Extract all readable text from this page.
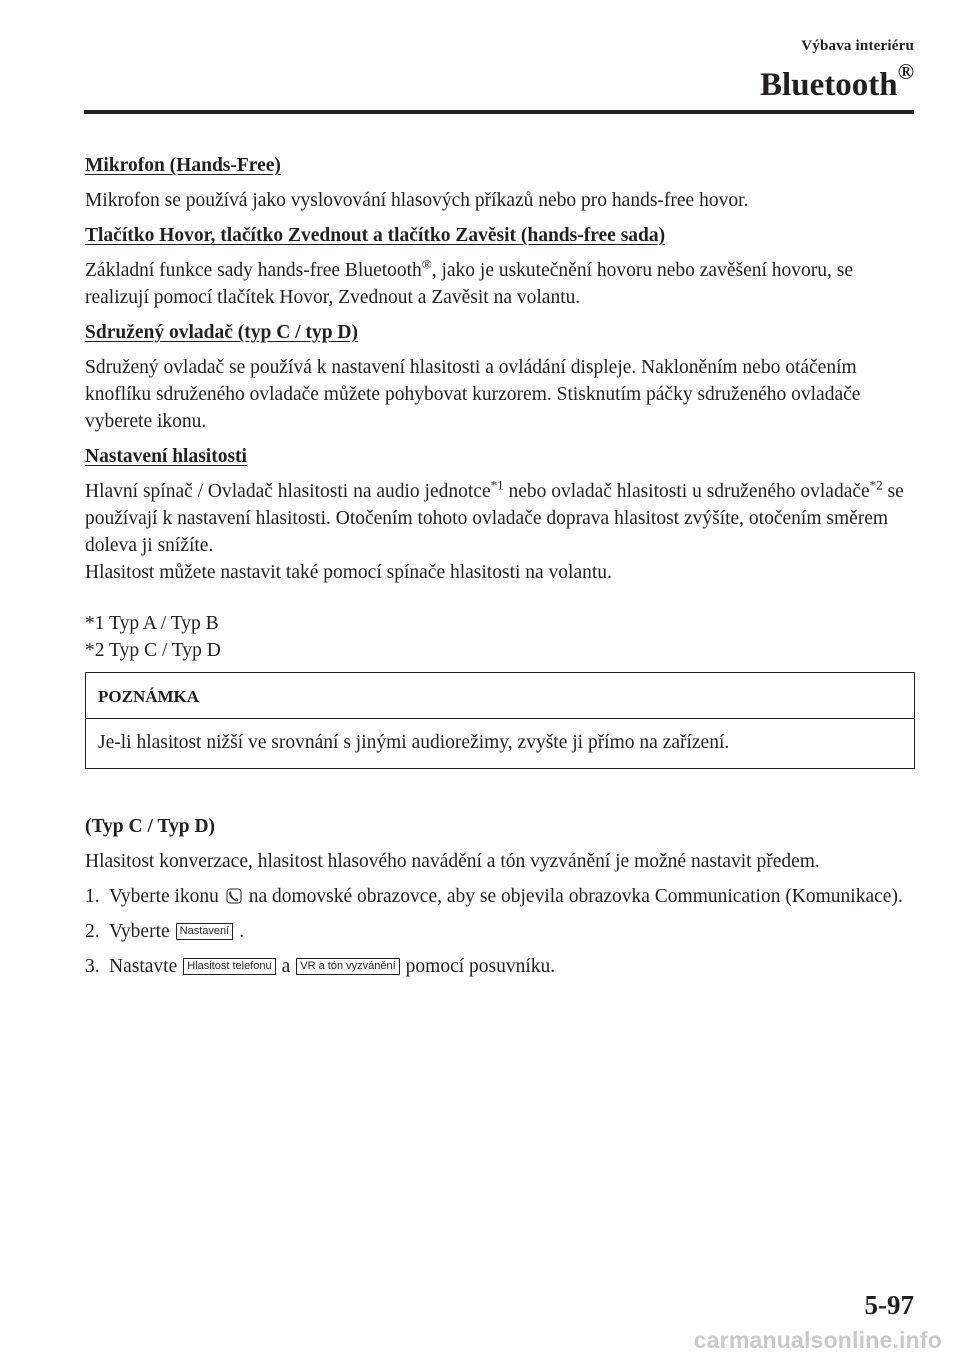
Výbava interiéru
Bluetooth®
Mikrofon (Hands-Free)
Mikrofon se používá jako vyslovování hlasových příkazů nebo pro hands-free hovor.
Tlačítko Hovor, tlačítko Zvednout a tlačítko Zavěsit (hands-free sada)
Základní funkce sady hands-free Bluetooth®, jako je uskutečnění hovoru nebo zavěšení hovoru, se realizují pomocí tlačítek Hovor, Zvednout a Zavěsit na volantu.
Sdružený ovladač (typ C / typ D)
Sdružený ovladač se používá k nastavení hlasitosti a ovládání displeje. Nakloněním nebo otáčením knoflíku sdruženého ovladače můžete pohybovat kurzorem. Stisknutím páčky sdruženého ovladače vyberete ikonu.
Nastavení hlasitosti
Hlavní spínač / Ovladač hlasitosti na audio jednotce$^{*1}$ nebo ovladač hlasitosti u sdruženého ovladače$^{*2}$ se používají k nastavení hlasitosti. Otočením tohoto ovladače doprava hlasitost zvýšíte, otočením směrem doleva ji snížíte.
Hlasitost můžete nastavit také pomocí spínače hlasitosti na volantu.
*1 Typ A / Typ B
*2 Typ C / Typ D
POZNÁMKA
Je-li hlasitost nižší ve srovnání s jinými audiorežimy, zvyšte ji přímo na zařízení.
(Typ C / Typ D)
Hlasitost konverzace, hlasitost hlasového navádění a tón vyzvánění je možné nastavit předem.
1. Vyberte ikonu na domovské obrazovce, aby se objevila obrazovka Communication (Komunikace).
2. Vyberte Nastavení .
3. Nastavte Hlasitost telefonu a VR a tón vyzvánění pomocí posuvníku.
5-97
carmanualsonline.info
